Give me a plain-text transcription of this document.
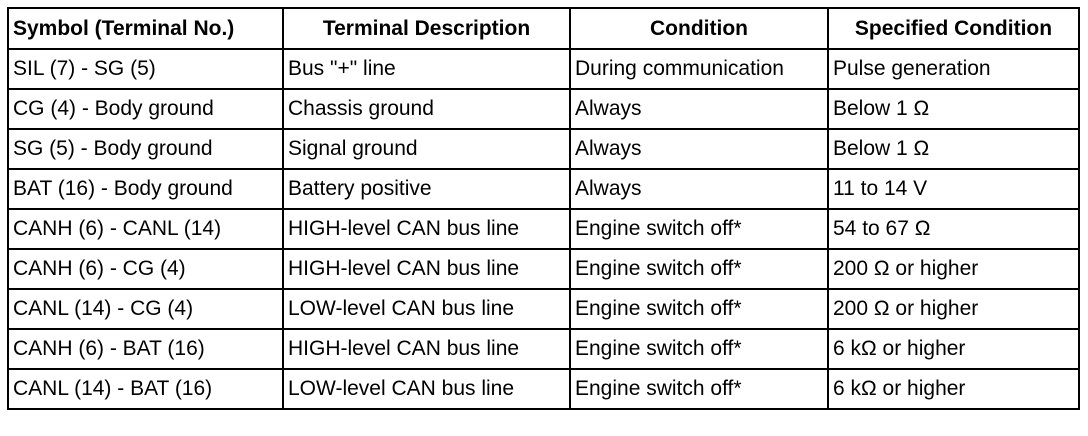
Symbol (Terminal No.)	Terminal Description	Condition	Specified Condition
SIL (7) - SG (5)	Bus "+" line	During communication	Pulse generation
CG (4) - Body ground	Chassis ground	Always	Below 1 Ω
SG (5) - Body ground	Signal ground	Always	Below 1 Ω
BAT (16) - Body ground	Battery positive	Always	11 to 14 V
CANH (6) - CANL (14)	HIGH-level CAN bus line	Engine switch off*	54 to 67 Ω
CANH (6) - CG (4)	HIGH-level CAN bus line	Engine switch off*	200 Ω or higher
CANL (14) - CG (4)	LOW-level CAN bus line	Engine switch off*	200 Ω or higher
CANH (6) - BAT (16)	HIGH-level CAN bus line	Engine switch off*	6 kΩ or higher
CANL (14) - BAT (16)	LOW-level CAN bus line	Engine switch off*	6 kΩ or higher
